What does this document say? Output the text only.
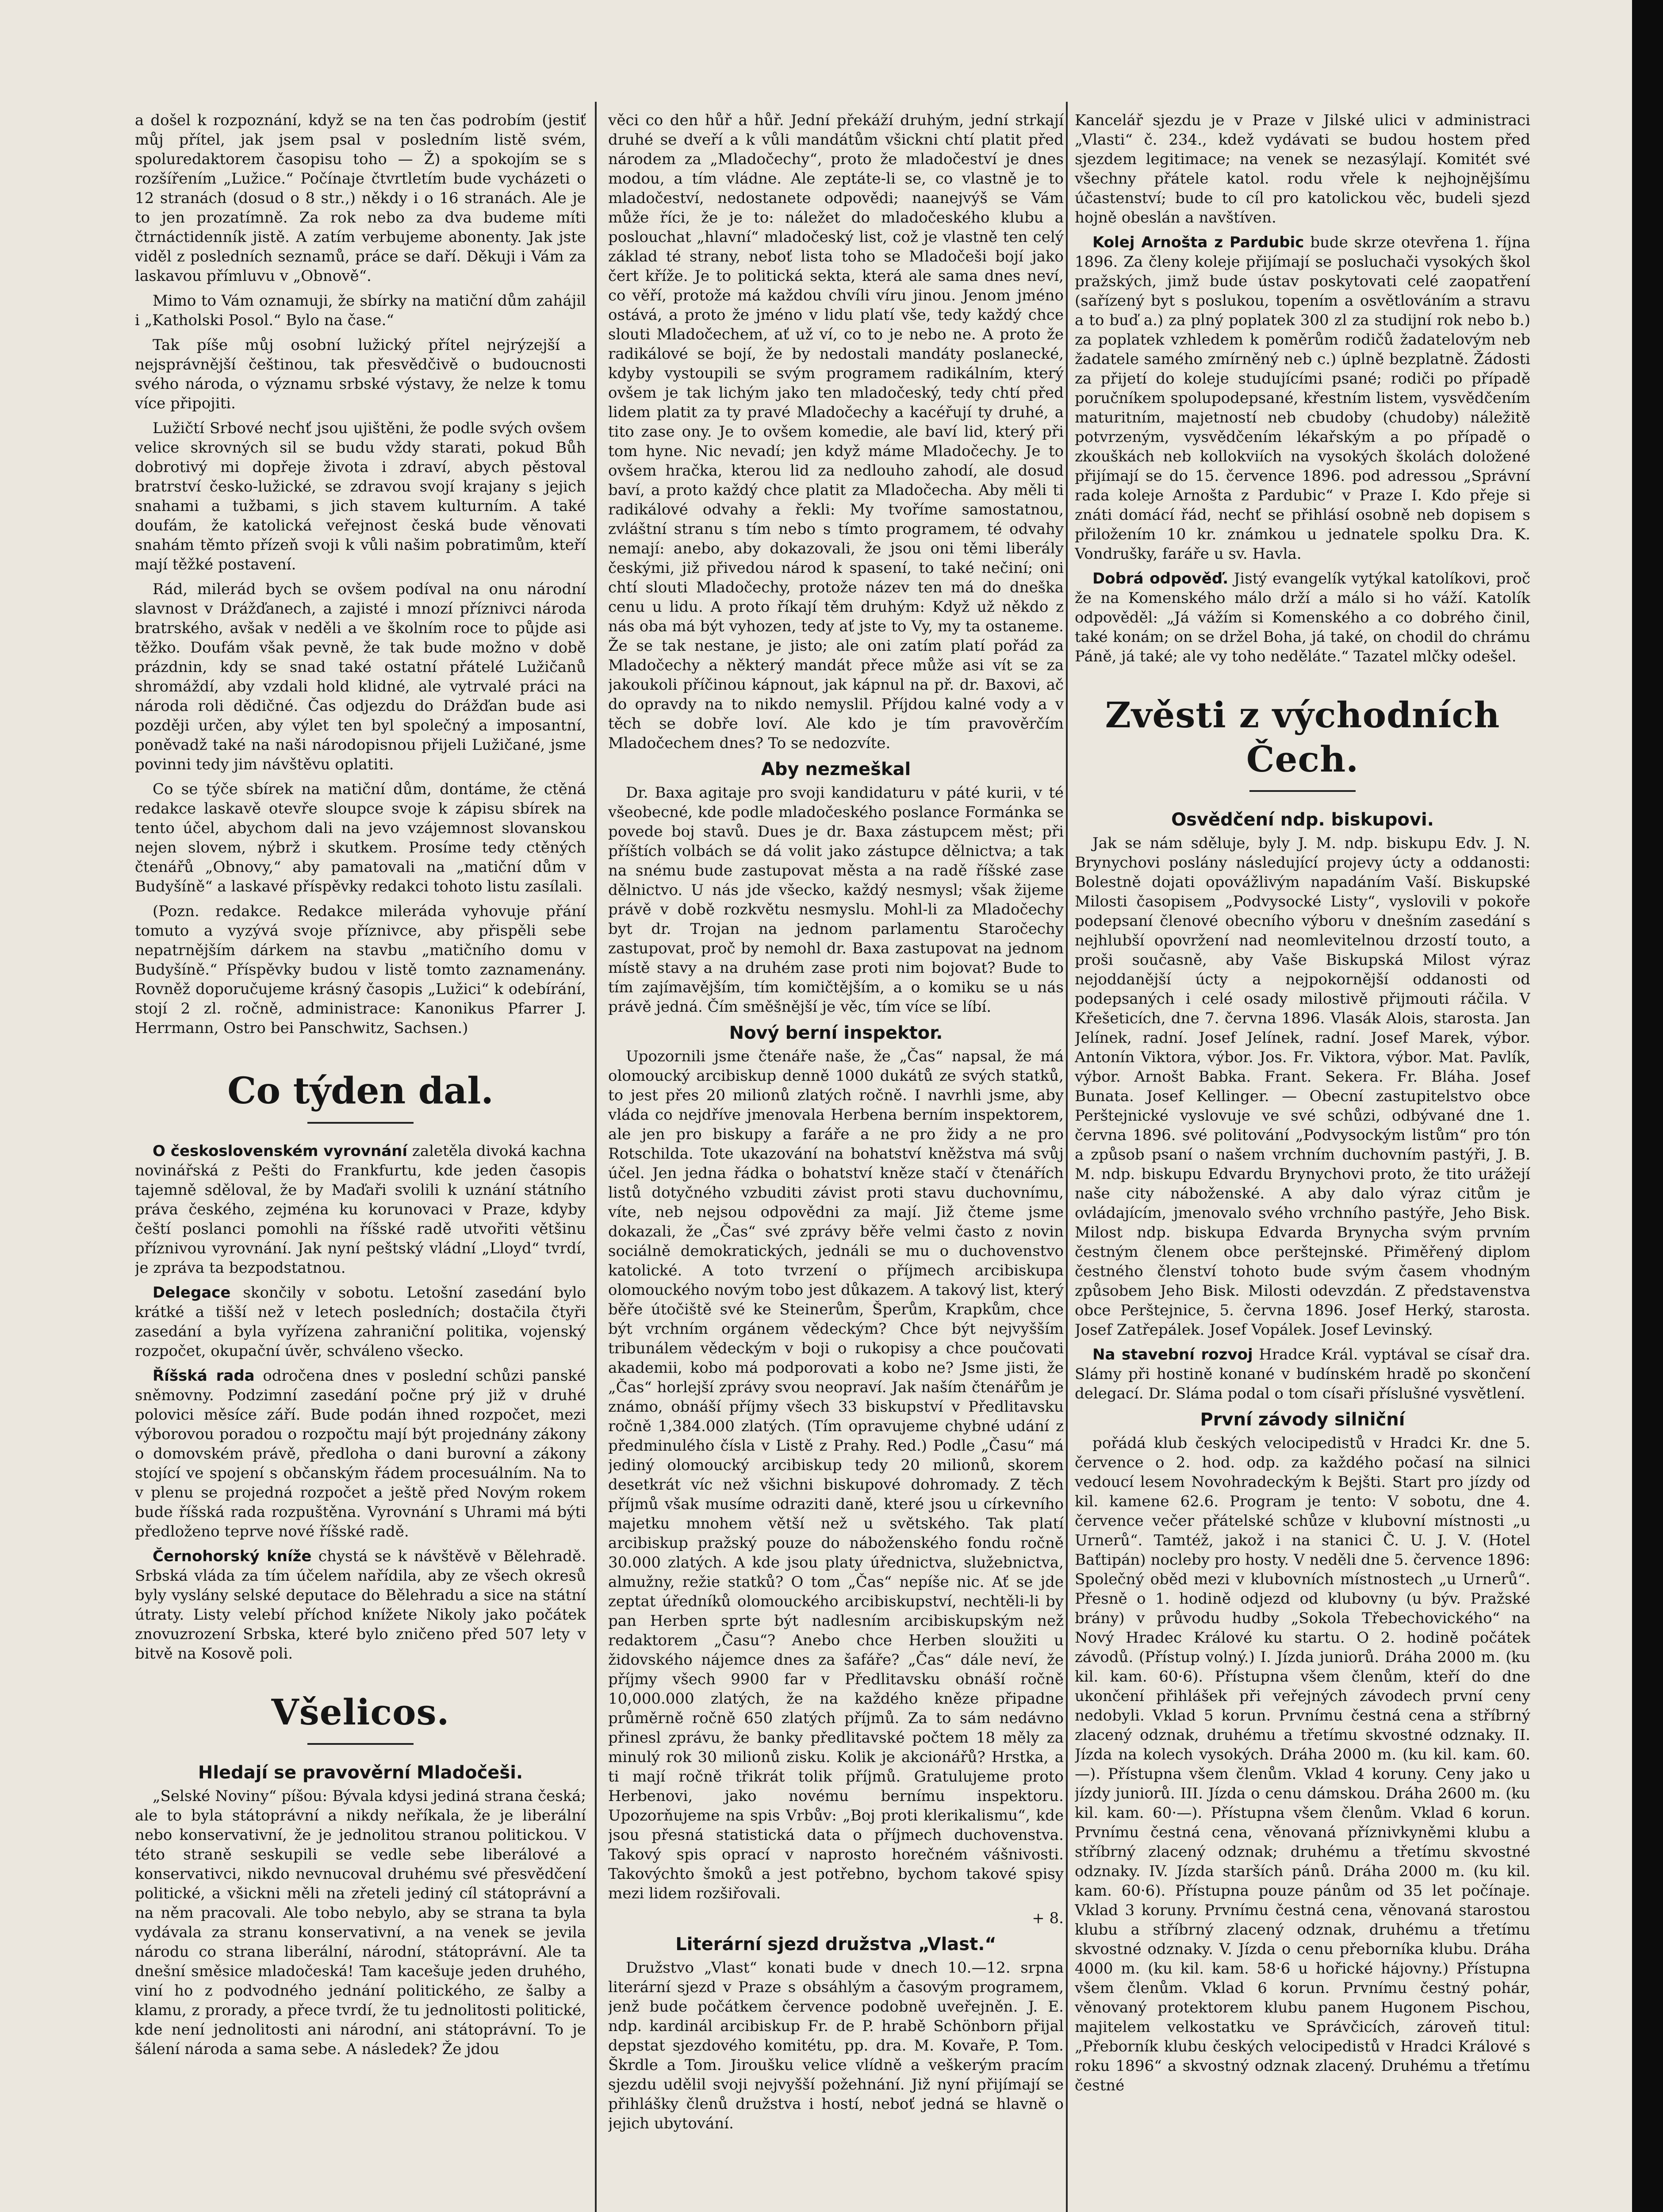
a došel k rozpoznání, když se na ten čas podrobím (jestiť můj přítel, jak jsem psal v posledním listě svém, spoluredaktorem časopisu toho — Ž) a spokojím se s rozšířením „Lužice.“ Počínaje čtvrtletím bude vycházeti o 12 stranách (dosud o 8 str.,) někdy i o 16 stranách. Ale je to jen prozatímně. Za rok nebo za dva budeme míti čtrnáctidenník jistě. A zatím verbujeme abonenty. Jak jste viděl z posledních seznamů, práce se daří. Děkuji i Vám za laskavou přímluvu v „Obnově“.

Mimo to Vám oznamuji, že sbírky na matiční dům zahájil i „Katholski Posol.“ Bylo na čase.“

Tak píše můj osobní lužický přítel nejrýzejší a nejsprávnější češtinou, tak přesvědčivě o budoucnosti svého národa, o významu srbské výstavy, že nelze k tomu více připojiti.

Lužičtí Srbové nechť jsou ujištěni, že podle svých ovšem velice skrovných sil se budu vždy starati, pokud Bůh dobrotivý mi dopřeje života i zdraví, abych pěstoval bratrství česko-lužické, se zdravou svojí krajany s jejich snahami a tužbami, s jich stavem kulturním. A také doufám, že katolická veřejnost česká bude věnovati snahám těmto přízeň svoji k vůli našim pobratimům, kteří mají těžké postavení.

Rád, milerád bych se ovšem podíval na onu národní slavnost v Drážďanech, a zajisté i mnozí příznivci národa bratrského, avšak v neděli a ve školním roce to půjde asi těžko. Doufám však pevně, že tak bude možno v době prázdnin, kdy se snad také ostatní přátelé Lužičanů shromáždí, aby vzdali hold klidné, ale vytrvalé práci na národa roli dědičné. Čas odjezdu do Drážďan bude asi později určen, aby výlet ten byl společný a imposantní, poněvadž také na naši národopisnou přijeli Lužičané, jsme povinni tedy jim návštěvu oplatiti.

Co se týče sbírek na matiční dům, dontáme, že ctěná redakce laskavě otevře sloupce svoje k zápisu sbírek na tento účel, abychom dali na jevo vzájemnost slovanskou nejen slovem, nýbrž i skutkem. Prosíme tedy ctěných čtenářů „Obnovy,“ aby pamatovali na „matiční dům v Budyšíně“ a laskavé příspěvky redakci tohoto listu zasílali.

(Pozn. redakce. Redakce mileráda vyhovuje přání tomuto a vyzývá svoje příznivce, aby přispěli sebe nepatrnějším dárkem na stavbu „matičního domu v Budyšíně.“ Příspěvky budou v listě tomto zaznamenány. Rovněž doporučujeme krásný časopis „Lužici“ k odebírání, stojí 2 zl. ročně, administrace: Kanonikus Pfarrer J. Herrmann, Ostro bei Panschwitz, Sachsen.)

Co týden dal.

O československém vyrovnání zaletěla divoká kachna novinářská z Pešti do Frankfurtu, kde jeden časopis tajemně sděloval, že by Maďaři svolili k uznání státního práva českého, zejména ku korunovaci v Praze, kdyby čeští poslanci pomohli na říšské radě utvořiti většinu příznivou vyrovnání. Jak nyní peštský vládní „Lloyd“ tvrdí, je zpráva ta bezpodstatnou.

Delegace skončily v sobotu. Letošní zasedání bylo krátké a tišší než v letech posledních; dostačila čtyři zasedání a byla vyřízena zahraniční politika, vojenský rozpočet, okupační úvěr, schváleno všecko.

Říšská rada odročena dnes v poslední schůzi panské sněmovny. Podzimní zasedání počne prý již v druhé polovici měsíce září. Bude podán ihned rozpočet, mezi výborovou poradou o rozpočtu mají být projednány zákony o domovském právě, předloha o dani burovní a zákony stojící ve spojení s občanským řádem procesuálním. Na to v plenu se projedná rozpočet a ještě před Novým rokem bude říšská rada rozpuštěna. Vyrovnání s Uhrami má býti předloženo teprve nové říšské radě.

Černohorský kníže chystá se k návštěvě v Bělehradě. Srbská vláda za tím účelem nařídila, aby ze všech okresů byly vyslány selské deputace do Bělehradu a sice na státní útraty. Listy velebí příchod knížete Nikoly jako počátek znovuzrození Srbska, které bylo zničeno před 507 lety v bitvě na Kosově poli.

Všelicos.
Hledají se pravověrní Mladočeši.

„Selské Noviny“ píšou: Bývala kdysi jediná strana česká; ale to byla státoprávní a nikdy neříkala, že je liberální nebo konservativní, že je jednolitou stranou politickou. V této straně seskupili se vedle sebe liberálové a konservativci, nikdo nevnucoval druhému své přesvědčení politické, a všickni měli na zřeteli jediný cíl státoprávní a na něm pracovali. Ale tobo nebylo, aby se strana ta byla vydávala za stranu konservativní, a na venek se jevila národu co strana liberální, národní, státoprávní. Ale ta dnešní směsice mladočeská! Tam kacešuje jeden druhého, viní ho z podvodného jednání politického, ze šalby a klamu, z prorady, a přece tvrdí, že tu jednolitosti politické, kde není jednolitosti ani národní, ani státoprávní. To je šálení národa a sama sebe. A následek? Že jdou

věci co den hůř a hůř. Jední překáží druhým, jední strkají druhé se dveří a k vůli mandátům všickni chtí platit před národem za „Mladočechy“, proto že mladočeství je dnes modou, a tím vládne. Ale zeptáte-li se, co vlastně je to mladočeství, nedostanete odpovědi; naanejvýš se Vám může říci, že je to: náležet do mladočeského klubu a poslouchat „hlavní“ mladočeský list, což je vlastně ten celý základ té strany, neboť lista toho se Mladočeši bojí jako čert kříže. Je to politická sekta, která ale sama dnes neví, co věří, protože má každou chvíli víru jinou. Jenom jméno ostává, a proto že jméno v lidu platí vše, tedy každý chce slouti Mladočechem, ať už ví, co to je nebo ne. A proto že radikálové se bojí, že by nedostali mandáty poslanecké, kdyby vystoupili se svým programem radikálním, který ovšem je tak lichým jako ten mladočeský, tedy chtí před lidem platit za ty pravé Mladočechy a kacéřují ty druhé, a tito zase ony. Je to ovšem komedie, ale baví lid, který při tom hyne. Nic nevadí; jen když máme Mladočechy. Je to ovšem hračka, kterou lid za nedlouho zahodí, ale dosud baví, a proto každý chce platit za Mladočecha. Aby měli ti radikálové odvahy a řekli: My tvoříme samostatnou, zvláštní stranu s tím nebo s tímto programem, té odvahy nemají: anebo, aby dokazovali, že jsou oni těmi liberály českými, již přivedou národ k spasení, to také nečiní; oni chtí slouti Mladočechy, protože název ten má do dneška cenu u lidu. A proto říkají těm druhým: Když už někdo z nás oba má být vyhozen, tedy ať jste to Vy, my ta ostaneme. Že se tak nestane, je jisto; ale oni zatím platí pořád za Mladočechy a některý mandát přece může asi vít se za jakoukoli příčinou kápnout, jak kápnul na př. dr. Baxovi, ač do opravdy na to nikdo nemyslil. Příjdou kalné vody a v těch se dobře loví. Ale kdo je tím pravověrčím Mladočechem dnes? To se nedozvíte.

Aby nezmeškal

Dr. Baxa agitaje pro svoji kandidaturu v páté kurii, v té všeobecné, kde podle mladočeského poslance Formánka se povede boj stavů. Dues je dr. Baxa zástupcem měst; při příštích volbách se dá volit jako zástupce dělnictva; a tak na snému bude zastupovat města a na radě říšské zase dělnictvo. U nás jde všecko, každý nesmysl; však žijeme právě v době rozkvětu nesmyslu. Mohl-li za Mladočechy byt dr. Trojan na jednom parlamentu Staročechy zastupovat, proč by nemohl dr. Baxa zastupovat na jednom místě stavy a na druhém zase proti nim bojovat? Bude to tím zajímavějším, tím komičtějším, a o komiku se u nás právě jedná. Čím směšnější je věc, tím více se líbí.

Nový berní inspektor.

Upozornili jsme čtenáře naše, že „Čas“ napsal, že má olomoucký arcibiskup denně 1000 dukátů ze svých statků, to jest přes 20 milionů zlatých ročně. I navrhli jsme, aby vláda co nejdříve jmenovala Herbena berním inspektorem, ale jen pro biskupy a faráře a ne pro židy a ne pro Rotschilda. Tote ukazování na bohatství kněžstva má svůj účel. Jen jedna řádka o bohatství kněze stačí v čtenářích listů dotyčného vzbuditi závist proti stavu duchovnímu, víte, neb nejsou odpovědni za mají. Již čteme jsme dokazali, že „Čas“ své zprávy běře velmi často z novin sociálně demokratických, jednáli se mu o duchovenstvo katolické. A toto tvrzení o příjmech arcibiskupa olomouckého novým tobo jest důkazem. A takový list, který běře útočiště své ke Steinerům, Šperům, Krapkům, chce být vrchním orgánem vědeckým? Chce být nejvyšším tribunálem vědeckým v boji o rukopisy a chce poučovati akademii, kobo má podporovati a kobo ne? Jsme jisti, že „Čas“ horlejší zprávy svou neopraví. Jak naším čtenářům je známo, obnáší příjmy všech 33 biskupství v Předlitavsku ročně 1,384.000 zlatých. (Tím opravujeme chybné udání z předminulého čísla v Listě z Prahy. Red.) Podle „Času“ má jediný olomoucký arcibiskup tedy 20 milionů, skorem desetkrát víc než všichni biskupové dohromady. Z těch příjmů však musíme odraziti daně, které jsou u církevního majetku mnohem větší než u světského. Tak platí arcibiskup pražský pouze do náboženského fondu ročně 30.000 zlatých. A kde jsou platy úřednictva, služebnictva, almužny, režie statků? O tom „Čas“ nepíše nic. Ať se jde zeptat úředníků olomouckého arcibiskupství, nechtěli-li by pan Herben sprte být nadlesním arcibiskupským než redaktorem „Času“? Anebo chce Herben sloužiti u židovského nájemce dnes za šafáře? „Čas“ dále neví, že příjmy všech 9900 far v Předlitavsku obnáší ročně 10,000.000 zlatých, že na každého kněze připadne průměrně ročně 650 zlatých příjmů. Za to sám nedávno přinesl zprávu, že banky předlitavské počtem 18 měly za minulý rok 30 milionů zisku. Kolik je akcionářů? Hrstka, a ti mají ročně třikrát tolik příjmů. Gratulujeme proto Herbenovi, jako novému bernímu inspektoru. Upozorňujeme na spis Vrbův: „Boj proti klerikalismu“, kde jsou přesná statistická data o příjmech duchovenstva. Takový spis oprací v naprosto horečném vášnivosti. Takovýchto šmoků a jest potřebno, bychom takové spisy mezi lidem rozšiřovali.

+ 8.

Literární sjezd družstva „Vlast.“

Družstvo „Vlast“ konati bude v dnech 10.—12. srpna literární sjezd v Praze s obsáhlým a časovým programem, jenž bude počátkem července podobně uveřejněn. J. E. ndp. kardinál arcibiskup Fr. de P. hrabě Schönborn přijal depstat sjezdového komitétu, pp. dra. M. Kovaře, P. Tom. Škrdle a Tom. Jiroušku velice vlídně a veškerým pracím sjezdu udělil svoji nejvyšší požehnání. Již nyní přijímají se přihlášky členů družstva i hostí, neboť jedná se hlavně o jejich ubytování.

Kancelář sjezdu je v Praze v Jilské ulici v administraci „Vlasti“ č. 234., kdež vydávati se budou hostem před sjezdem legitimace; na venek se nezasýlají. Komitét své všechny přátele katol. rodu vřele k nejhojnějšímu účastenství; bude to cíl pro katolickou věc, budeli sjezd hojně obeslán a navštíven.

Kolej Arnošta z Pardubic bude skrze otevřena 1. října 1896. Za členy koleje přijímají se posluchači vysokých škol pražských, jimž bude ústav poskytovati celé zaopatření (sařízený byt s poslukou, topením a osvětlováním a stravu a to buď a.) za plný poplatek 300 zl za studijní rok nebo b.) za poplatek vzhledem k poměrům rodičů žadatelovým neb žadatele samého zmírněný neb c.) úplně bezplatně. Žádosti za přijetí do koleje studujícími psané; rodiči po případě poručníkem spolupodepsané, křestním listem, vysvědčením maturitním, majetností neb cbudoby (chudoby) náležitě potvrzeným, vysvědčením lékařským a po případě o zkouškách neb kollokviích na vysokých školách doložené přijímají se do 15. července 1896. pod adressou „Správní rada koleje Arnošta z Pardubic“ v Praze I. Kdo přeje si znáti domácí řád, nechť se přihlásí osobně neb dopisem s přiložením 10 kr. známkou u jednatele spolku Dra. K. Vondrušky, faráře u sv. Havla.

Dobrá odpověď. Jistý evangelík vytýkal katolíkovi, proč že na Komenského málo drží a málo si ho váží. Katolík odpověděl: „Já vážím si Komenského a co dobrého činil, také konám; on se držel Boha, já také, on chodil do chrámu Páně, já také; ale vy toho neděláte.“ Tazatel mlčky odešel.

Zvěsti z východních Čech.
Osvědčení ndp. biskupovi.

Jak se nám sděluje, byly J. M. ndp. biskupu Edv. J. N. Brynychovi poslány následující projevy úcty a oddanosti: Bolestně dojati opovážlivým napadáním Vaší. Biskupské Milosti časopisem „Podvysocké Listy“, vyslovili v pokoře podepsaní členové obecního výboru v dnešním zasedání s nejhlubší opovržení nad neomlevitelnou drzostí touto, a proši současně, aby Vaše Biskupská Milost výraz nejoddanější úcty a nejpokornější oddanosti od podepsaných i celé osady milostivě přijmouti ráčila. V Křešeticích, dne 7. června 1896. Vlasák Alois, starosta. Jan Jelínek, radní. Josef Jelínek, radní. Josef Marek, výbor. Antonín Viktora, výbor. Jos. Fr. Viktora, výbor. Mat. Pavlík, výbor. Arnošt Babka. Frant. Sekera. Fr. Bláha. Josef Bunata. Josef Kellinger. — Obecní zastupitelstvo obce Perštejnické vyslovuje ve své schůzi, odbývané dne 1. června 1896. své politování „Podvysockým listům“ pro tón a způsob psaní o našem vrchním duchovním pastýři, J. B. M. ndp. biskupu Edvardu Brynychovi proto, že tito urážejí naše city náboženské. A aby dalo výraz citům je ovládajícím, jmenovalo svého vrchního pastýře, Jeho Bisk. Milost ndp. biskupa Edvarda Brynycha svým prvním čestným členem obce perštejnské. Přiměřený diplom čestného členství tohoto bude svým časem vhodným způsobem Jeho Bisk. Milosti odevzdán. Z představenstva obce Perštejnice, 5. června 1896. Josef Herký, starosta. Josef Zatřepálek. Josef Vopálek. Josef Levinský.

Na stavební rozvoj Hradce Král. vyptával se císař dra. Slámy při hostině konané v budínském hradě po skončení delegací. Dr. Sláma podal o tom císaři příslušné vysvětlení.

První závody silniční

pořádá klub českých velocipedistů v Hradci Kr. dne 5. července o 2. hod. odp. za každého počasí na silnici vedoucí lesem Novohradeckým k Bejšti. Start pro jízdy od kil. kamene 62.6. Program je tento: V sobotu, dne 4. července večer přátelské schůze v klubovní místnosti „u Urnerů“. Tamtéž, jakož i na stanici Č. U. J. V. (Hotel Baťtipán) nocleby pro hosty. V neděli dne 5. července 1896: Společný oběd mezi v klubovních místnostech „u Urnerů“. Přesně o 1. hodině odjezd od klubovny (u býv. Pražské brány) v průvodu hudby „Sokola Třebechovického“ na Nový Hradec Králové ku startu. O 2. hodině počátek závodů. (Přístup volný.) I. Jízda juniorů. Dráha 2000 m. (ku kil. kam. 60·6). Přístupna všem členům, kteří do dne ukončení přihlášek při veřejných závodech první ceny nedobyli. Vklad 5 korun. Prvnímu čestná cena a stříbrný zlacený odznak, druhému a třetímu skvostné odznaky. II. Jízda na kolech vysokých. Dráha 2000 m. (ku kil. kam. 60.—). Přístupna všem členům. Vklad 4 koruny. Ceny jako u jízdy juniorů. III. Jízda o cenu dámskou. Dráha 2600 m. (ku kil. kam. 60·—). Přístupna všem členům. Vklad 6 korun. Prvnímu čestná cena, věnovaná příznivkyněmi klubu a stříbrný zlacený odznak; druhému a třetímu skvostné odznaky. IV. Jízda starších pánů. Dráha 2000 m. (ku kil. kam. 60·6). Přístupna pouze pánům od 35 let počínaje. Vklad 3 koruny. Prvnímu čestná cena, věnovaná starostou klubu a stříbrný zlacený odznak, druhému a třetímu skvostné odznaky. V. Jízda o cenu přeborníka klubu. Dráha 4000 m. (ku kil. kam. 58·6 u hořické hájovny.) Přístupna všem členům. Vklad 6 korun. Prvnímu čestný pohár, věnovaný protektorem klubu panem Hugonem Pischou, majitelem velkostatku ve Správčicích, zároveň titul: „Přeborník klubu českých velocipedistů v Hradci Králové s roku 1896“ a skvostný odznak zlacený. Druhému a třetímu čestné
